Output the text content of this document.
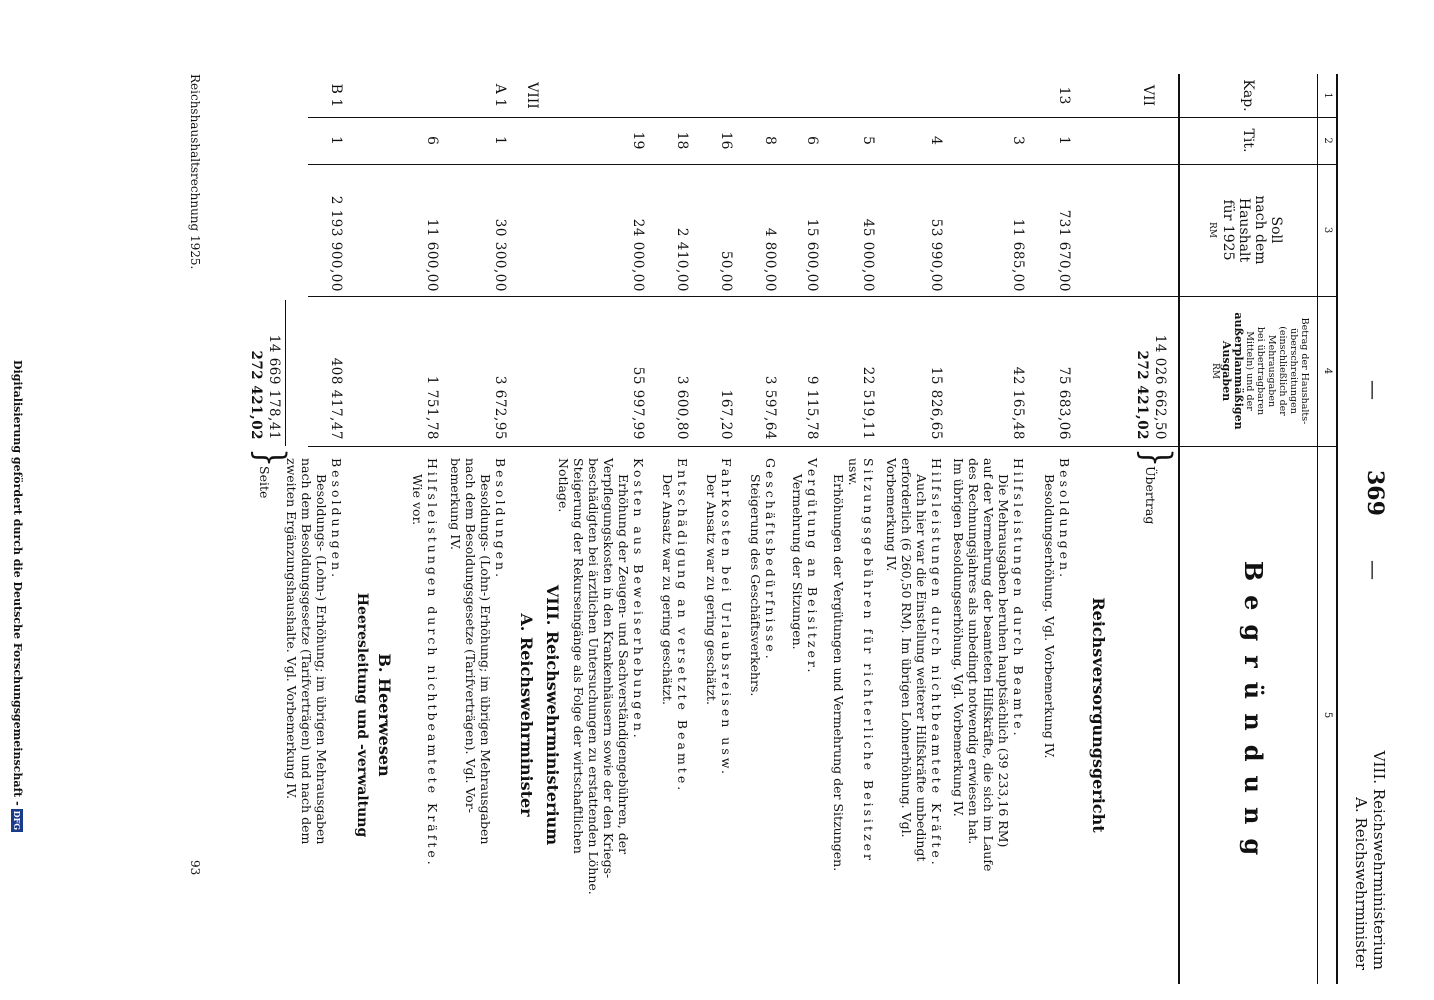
—
369
—
VIII. Reichswehrministerium
A. Reichswehrminister
1
2
3
4
5
Kap.
Tit.
Soll
nach dem
Haushalt
für 1925
RM
Betrag der Haushalts-
überschreitungen
(einschließlich der
Mehrausgaben
bei übertragbaren
Mitteln) und der
außerplanmäßigen
Ausgaben
RM
Begründung
14 026 662,50
272 421,02
}
Übertrag
VII
Reichsversorgungsgericht
13
1
731 670,00
75 683,06
Besoldungen.
Besoldungserhöhung. Vgl. Vorbemerkung IV.
3
11 685,00
42 165,48
Hilfsleistungen durch Beamte.
Die Mehrausgaben beruhen hauptsächlich (39 233,16 RM)
auf der Vermehrung der beamteten Hilfskräfte, die sich im Laufe
des Rechnungsjahres als unbedingt notwendig erwiesen hat.
Im übrigen Besoldungserhöhung. Vgl. Vorbemerkung IV.
4
53 990,00
15 826,65
Hilfsleistungen durch nichtbeamtete Kräfte.
Auch hier war die Einstellung weiterer Hilfskräfte unbedingt
erforderlich (6 260,50 RM). Im übrigen Lohnerhöhung. Vgl.
Vorbemerkung IV.
5
45 000,00
22 519,11
Sitzungsgebühren für richterliche Beisitzer
usw.
Erhöhungen der Vergütungen und Vermehrung der Sitzungen.
6
15 600,00
9 115,78
Vergütung an Beisitzer.
Vermehrung der Sitzungen.
8
4 800,00
3 597,64
Geschäftsbedürfnisse.
Steigerung des Geschäftsverkehrs.
16
50,00
167,20
Fahrkosten bei Urlaubsreisen usw.
Der Ansatz war zu gering geschätzt.
18
2 410,00
3 600,80
Entschädigung an versetzte Beamte.
Der Ansatz war zu gering geschätzt.
19
24 000,00
55 997,99
Kosten aus Beweiserhebungen.
Erhöhung der Zeugen- und Sachverständigengebühren, der
Verpflegungskosten in den Krankenhäusern sowie der den Kriegs-
beschädigten bei ärztlichen Untersuchungen zu erstattenden Löhne.
Steigerung der Rekurseingänge als Folge der wirtschaftlichen
Notlage.
VIII
VIII. Reichswehrministerium
A. Reichswehrminister
A 1
1
30 300,00
3 672,95
Besoldungen.
Besoldungs- (Lohn-) Erhöhung; im übrigen Mehrausgaben
nach dem Besoldungsgesetze (Tarifverträgen). Vgl. Vor-
bemerkung IV.
6
11 600,00
1 751,78
Hilfsleistungen durch nichtbeamtete Kräfte.
Wie vor.
B. Heerwesen
Heeresleitung und -verwaltung
B 1
1
2 193 900,00
408 417,47
Besoldungen.
Besoldungs- (Lohn-) Erhöhung; im übrigen Mehrausgaben
nach dem Besoldungsgesetze (Tarifverträgen) und nach dem
zweiten Ergänzungshaushalte. Vgl. Vorbemerkung IV.
14 669 178,41
272 421,02
}
Seite
Reichshaushaltsrechnung 1925.
93
Digitalisierung gefördert durch die Deutsche Forschungsgemeinschaft -DFG
